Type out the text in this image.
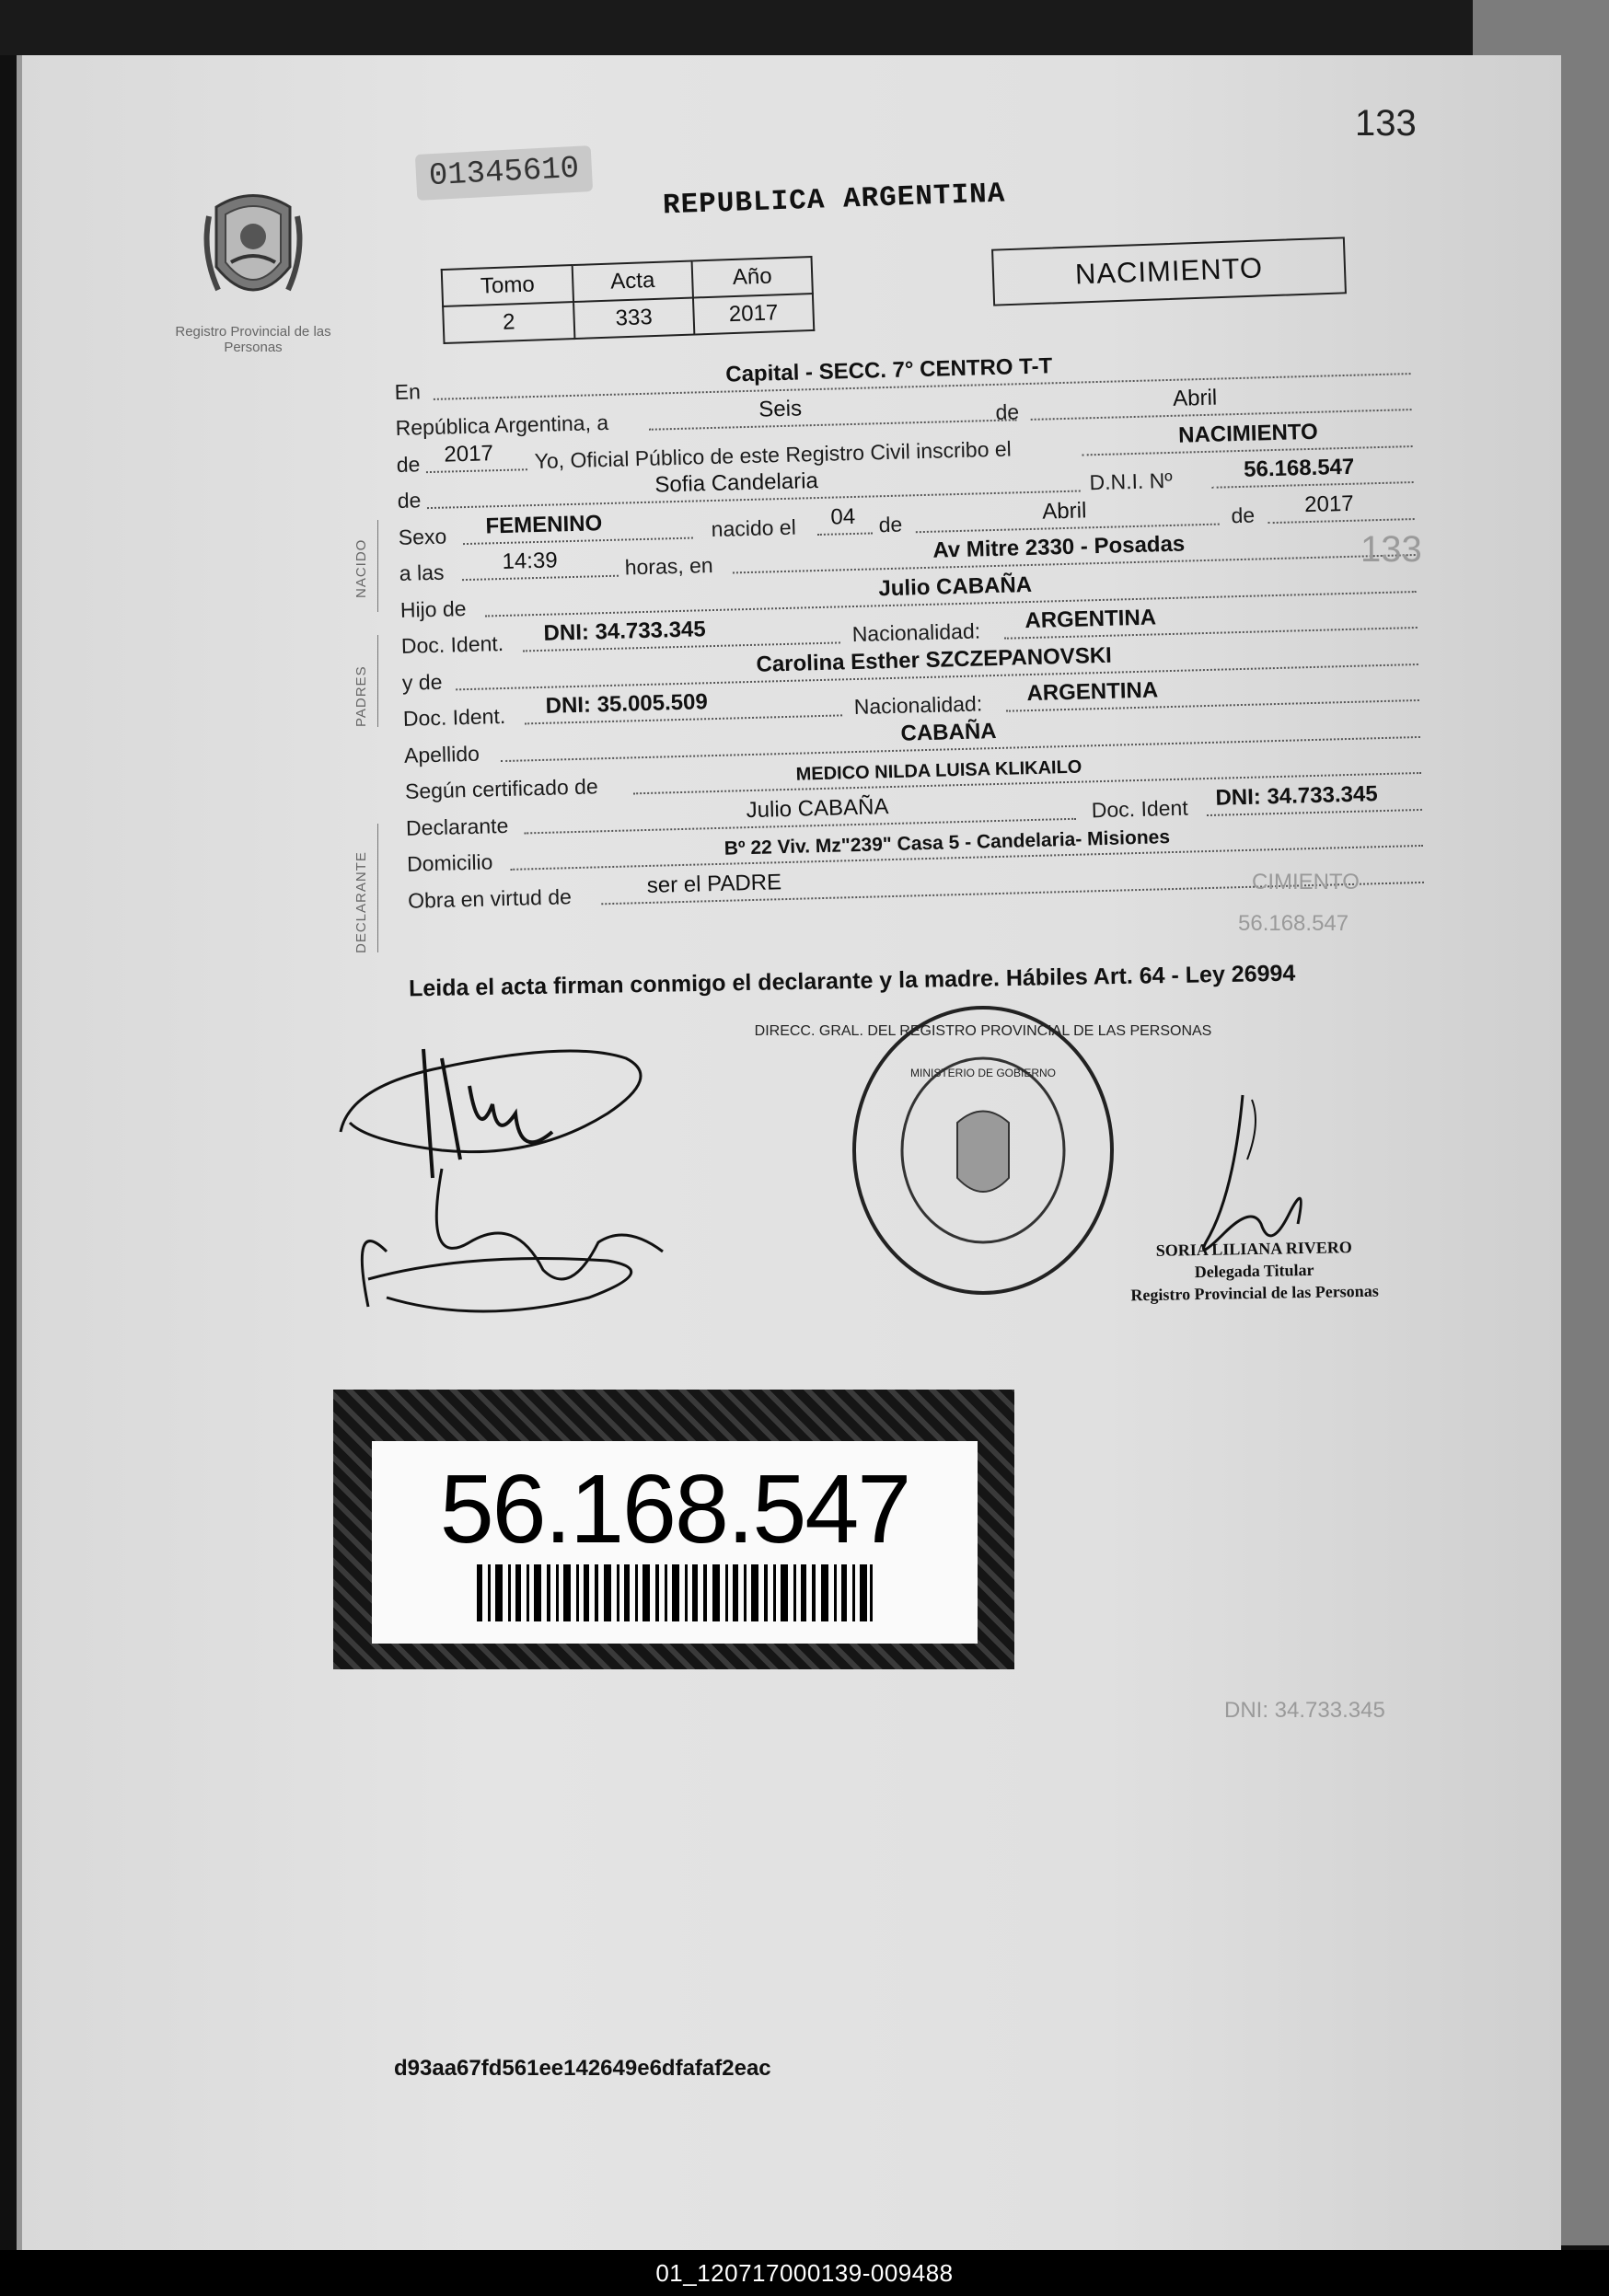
133
01345610
REPUBLICA ARGENTINA
Registro Provincial de las Personas
Tomo	Acta	Año
2	333	2017
NACIMIENTO
NACIDO
PADRES
DECLARANTE
En
Capital - SECC. 7° CENTRO T-T
República Argentina, a
Seis	de
Abril
de 2017 Yo, Oficial Público de este Registro Civil inscribo el
NACIMIENTO
de
Sofia Candelaria	D.N.I. Nº	56.168.547
Sexo FEMENINO	nacido el 04 de
Abril	de 2017
a las	14:39	horas, en
Av Mitre 2330 - Posadas
Hijo de
Julio CABAÑA
Doc. Ident. DNI: 34.733.345	Nacionalidad: ARGENTINA
y de
Carolina Esther SZCZEPANOVSKI
Doc. Ident. DNI: 35.005.509	Nacionalidad: ARGENTINA
Apellido
CABAÑA
Según certificado de
MEDICO NILDA LUISA KLIKAILO
Declarante
Julio CABAÑA	Doc. Ident DNI: 34.733.345
Domicilio
Bº 22 Viv. Mz"239" Casa 5 - Candelaria- Misiones
Obra en virtud de
ser el PADRE
Leida el acta firman conmigo el declarante y la madre. Hábiles Art. 64 - Ley 26994
DIRECC. GRAL. DEL REGISTRO PROVINCIAL DE LAS PERSONAS
MINISTERIO DE GOBIERNO
SORIA LILIANA RIVERO
Delegada Titular
Registro Provincial de las Personas
56.168.547
133
CIMIENTO
56.168.547
DNI: 34.733.345
d93aa67fd561ee142649e6dfafaf2eac
01_120717000139-009488
